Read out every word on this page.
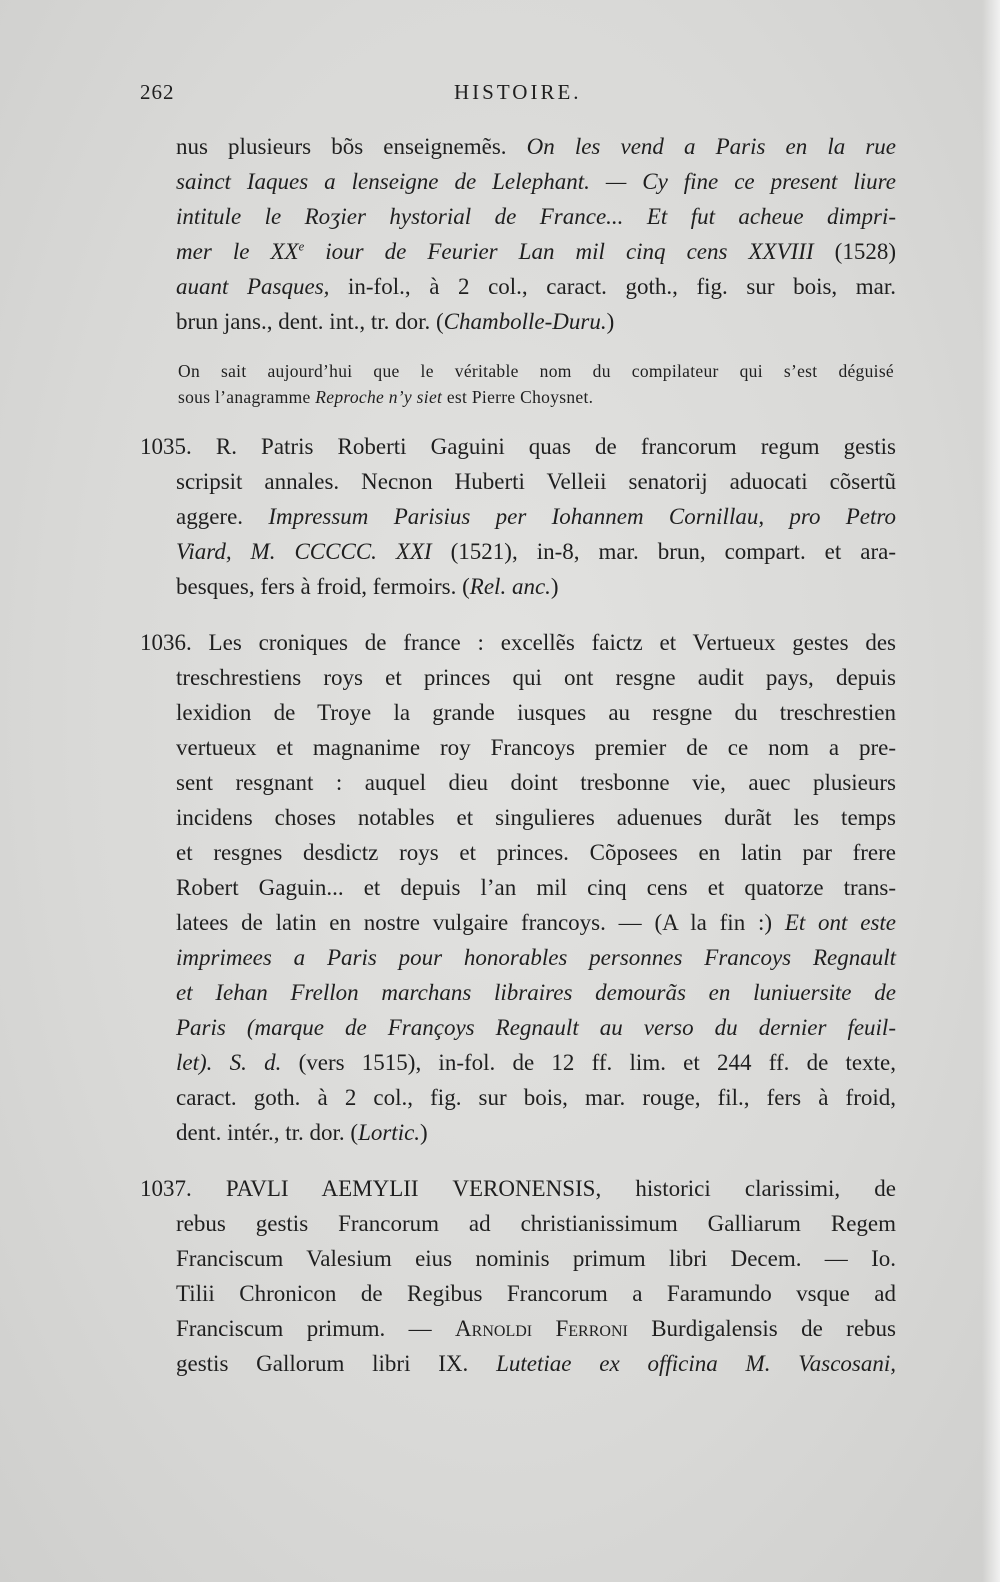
262	HISTOIRE.
nus plusieurs bõs enseignemẽs. On les vend a Paris en la rue
sainct Iaques a lenseigne de Lelephant. — Cy fine ce present liure
intitule le Roʒier hystorial de France... Et fut acheue dimpri-
mer le XXe iour de Feurier Lan mil cinq cens XXVIII (1528)
auant Pasques, in-fol., à 2 col., caract. goth., fig. sur bois, mar.
brun jans., dent. int., tr. dor. (Chambolle-Duru.)
On sait aujourd’hui que le véritable nom du compilateur qui s’est déguisé
sous l’anagramme Reproche n’y siet est Pierre Choysnet.
1035. R. Patris Roberti Gaguini quas de francorum regum gestis
scripsit annales. Necnon Huberti Velleii senatorij aduocati cõsertũ
aggere. Impressum Parisius per Iohannem Cornillau, pro Petro
Viard, M. CCCCC. XXI (1521), in-8, mar. brun, compart. et ara-
besques, fers à froid, fermoirs. (Rel. anc.)
1036. Les croniques de france : excellẽs faictz et Vertueux gestes des
treschrestiens roys et princes qui ont resgne audit pays, depuis
lexidion de Troye la grande iusques au resgne du treschrestien
vertueux et magnanime roy Francoys premier de ce nom a pre-
sent resgnant : auquel dieu doint tresbonne vie, auec plusieurs
incidens choses notables et singulieres aduenues durãt les temps
et resgnes desdictz roys et princes. Cõposees en latin par frere
Robert Gaguin... et depuis l’an mil cinq cens et quatorze trans-
latees de latin en nostre vulgaire francoys. — (A la fin :) Et ont este
imprimees a Paris pour honorables personnes Francoys Regnault
et Iehan Frellon marchans libraires demourãs en luniuersite de
Paris (marque de Françoys Regnault au verso du dernier feuil-
let). S. d. (vers 1515), in-fol. de 12 ff. lim. et 244 ff. de texte,
caract. goth. à 2 col., fig. sur bois, mar. rouge, fil., fers à froid,
dent. intér., tr. dor. (Lortic.)
1037. PAVLI AEMYLII VERONENSIS, historici clarissimi, de
rebus gestis Francorum ad christianissimum Galliarum Regem
Franciscum Valesium eius nominis primum libri Decem. — Io.
Tilii Chronicon de Regibus Francorum a Faramundo vsque ad
Franciscum primum. — Arnoldi Ferroni Burdigalensis de rebus
gestis Gallorum libri IX. Lutetiae ex officina M. Vascosani,
